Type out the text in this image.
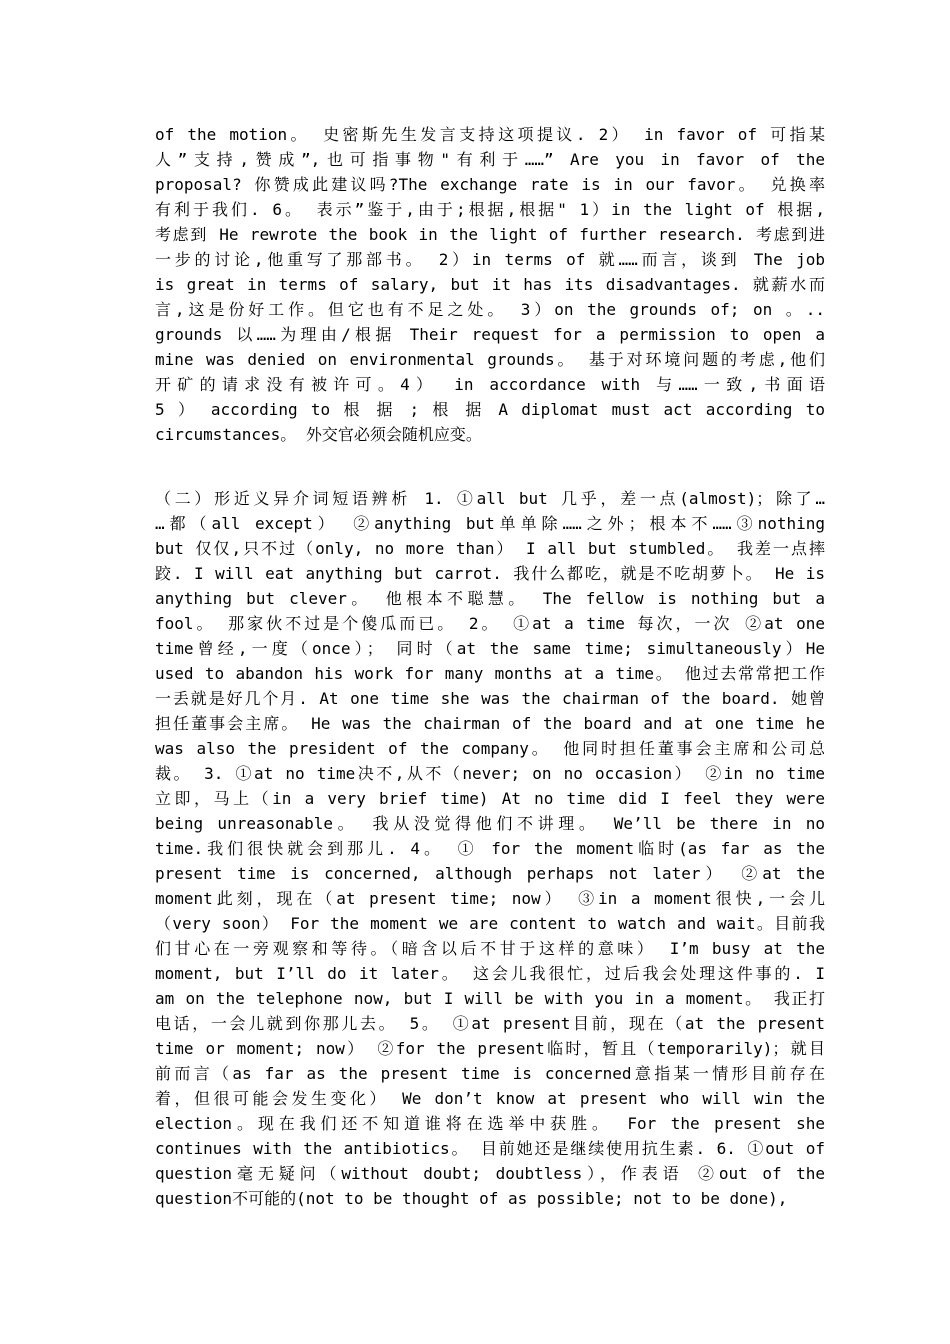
of the motion。 史密斯先生发言支持这项提议. 2） in favor of 可指某
人”支持,赞成”,也可指事物"有利于……” Are you in favor of the
proposal? 你赞成此建议吗?The exchange rate is in our favor。 兑换率
有利于我们. 6。 表示”鉴于,由于;根据,根据" 1）in the light of 根据,
考虑到 He rewrote the book in the light of further research. 考虑到进
一步的讨论,他重写了那部书。 2）in terms of 就……而言，谈到 The job
is great in terms of salary, but it has its disadvantages. 就薪水而
言,这是份好工作。但它也有不足之处。 3）on the grounds of; on 。..
grounds 以……为理由/根据 Their request for a permission to open a
mine was denied on environmental grounds。 基于对环境问题的考虑,他们
开矿的请求没有被许可。4） in accordance with 与……一致,书面语
5 ） according to 根 据 ; 根 据 A diplomat must act according to
circumstances。 外交官必须会随机应变。
（二）形近义异介词短语辨析 1. ①all but 几乎，差一点(almost)；除了…
…都（all except） ②anything but单单除……之外；根本不……③nothing
but 仅仅,只不过（only, no more than） I all but stumbled。 我差一点摔
跤. I will eat anything but carrot. 我什么都吃，就是不吃胡萝卜。 He is
anything but clever。 他根本不聪慧。 The fellow is nothing but a
fool。 那家伙不过是个傻瓜而已。 2。 ①at a time 每次，一次 ②at one
time曾经,一度（once）； 同时（at the same time; simultaneously）He
used to abandon his work for many months at a time。 他过去常常把工作
一丢就是好几个月. At one time she was the chairman of the board. 她曾
担任董事会主席。 He was the chairman of the board and at one time he
was also the president of the company。 他同时担任董事会主席和公司总
裁。 3. ①at no time决不,从不（never; on no occasion） ②in no time
立即，马上（in a very brief time) At no time did I feel they were
being unreasonable。 我从没觉得他们不讲理。 We’ll be there in no
time.我们很快就会到那儿. 4。 ① for the moment临时(as far as the
present time is concerned, although perhaps not later） ②at the
moment此刻，现在（at present time; now） ③in a moment很快,一会儿
（very soon） For the moment we are content to watch and wait。目前我
们甘心在一旁观察和等待。（暗含以后不甘于这样的意味） I’m busy at the
moment, but I’ll do it later。 这会儿我很忙，过后我会处理这件事的. I
am on the telephone now, but I will be with you in a moment。 我正打
电话，一会儿就到你那儿去。 5。 ①at present目前，现在（at the present
time or moment; now） ②for the present临时，暂且（temporarily)；就目
前而言（as far as the present time is concerned意指某一情形目前存在
着，但很可能会发生变化） We don’t know at present who will win the
election。现在我们还不知道谁将在选举中获胜。 For the present she
continues with the antibiotics。 目前她还是继续使用抗生素. 6. ①out of
question毫无疑问（without doubt; doubtless），作表语 ②out of the
question不可能的(not to be thought of as possible; not to be done),
